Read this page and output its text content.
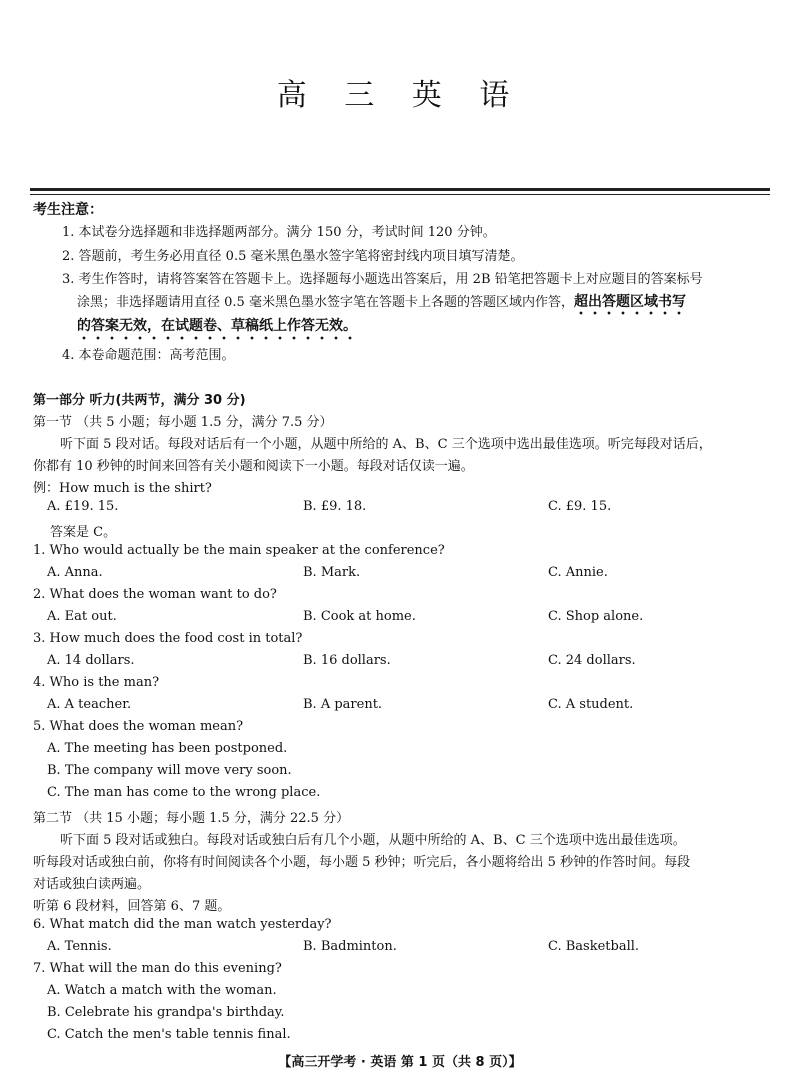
高 三 英 语
考生注意：
1. 本试卷分选择题和非选择题两部分。满分 150 分，考试时间 120 分钟。
2. 答题前，考生务必用直径 0.5 毫米黑色墨水签字笔将密封线内项目填写清楚。
3. 考生作答时，请将答案答在答题卡上。选择题每小题选出答案后，用 2B 铅笔把答题卡上对应题目的答案标号
涂黑；非选择题请用直径 0.5 毫米黑色墨水签字笔在答题卡上各题的答题区域内作答，超出答题区域书写
的答案无效，在试题卷、草稿纸上作答无效。
4. 本卷命题范围：高考范围。
第一部分 听力(共两节，满分 30 分)
第一节 （共 5 小题；每小题 1.5 分，满分 7.5 分）
听下面 5 段对话。每段对话后有一个小题，从题中所给的 A、B、C 三个选项中选出最佳选项。听完每段对话后，
你都有 10 秒钟的时间来回答有关小题和阅读下一小题。每段对话仅读一遍。
例：How much is the shirt?
A. £19. 15.	B. £9. 18.	C. £9. 15.
答案是 C。
1. Who would actually be the main speaker at the conference?
A. Anna.	B. Mark.	C. Annie.
2. What does the woman want to do?
A. Eat out.	B. Cook at home.	C. Shop alone.
3. How much does the food cost in total?
A. 14 dollars.	B. 16 dollars.	C. 24 dollars.
4. Who is the man?
A. A teacher.	B. A parent.	C. A student.
5. What does the woman mean?
A. The meeting has been postponed.
B. The company will move very soon.
C. The man has come to the wrong place.
第二节 （共 15 小题；每小题 1.5 分，满分 22.5 分）
听下面 5 段对话或独白。每段对话或独白后有几个小题，从题中所给的 A、B、C 三个选项中选出最佳选项。
听每段对话或独白前，你将有时间阅读各个小题，每小题 5 秒钟；听完后，各小题将给出 5 秒钟的作答时间。每段
对话或独白读两遍。
听第 6 段材料，回答第 6、7 题。
6. What match did the man watch yesterday?
A. Tennis.	B. Badminton.	C. Basketball.
7. What will the man do this evening?
A. Watch a match with the woman.
B. Celebrate his grandpa's birthday.
C. Catch the men's table tennis final.
【高三开学考 · 英语 第 1 页（共 8 页）】
